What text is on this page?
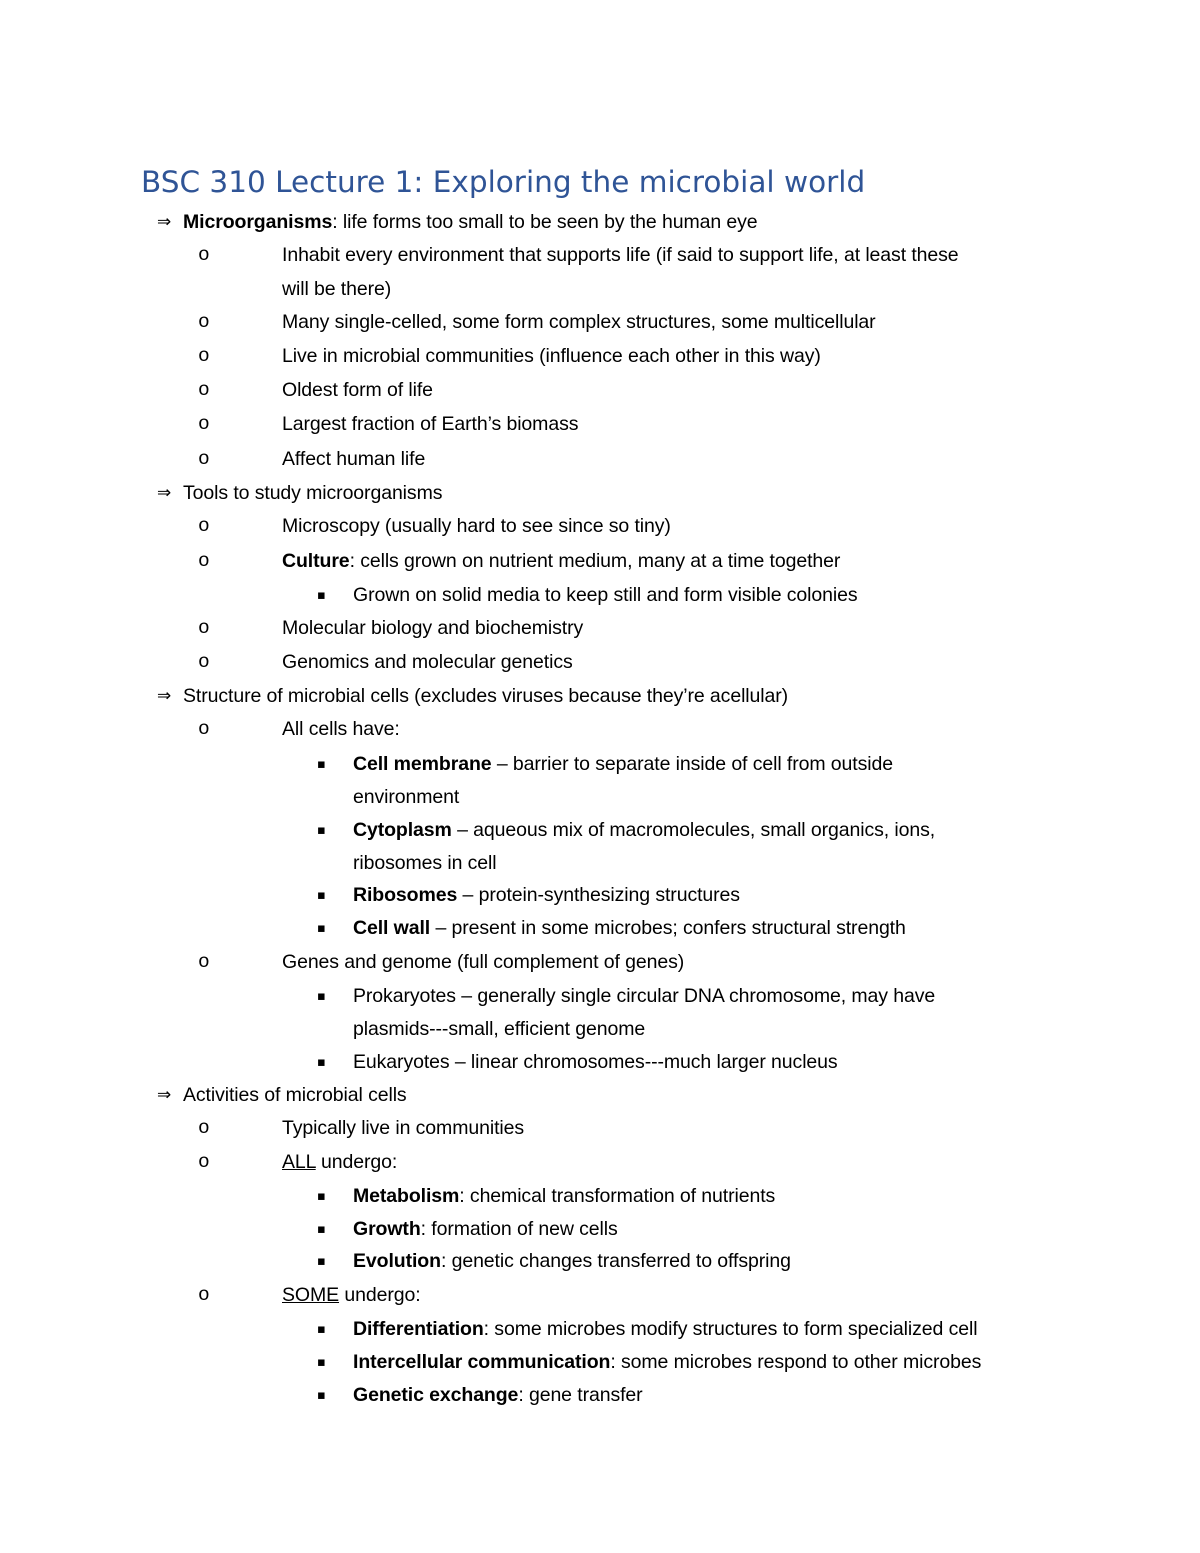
BSC 310 Lecture 1: Exploring the microbial world
⇒ Microorganisms: life forms too small to be seen by the human eye
o	Inhabit every environment that supports life (if said to support life, at least these
will be there)
o	Many single-celled, some form complex structures, some multicellular
o	Live in microbial communities (influence each other in this way)
o	Oldest form of life
o	Largest fraction of Earth’s biomass
o	Affect human life
⇒ Tools to study microorganisms
o	Microscopy (usually hard to see since so tiny)
o	Culture: cells grown on nutrient medium, many at a time together
▪ Grown on solid media to keep still and form visible colonies
o	Molecular biology and biochemistry
o	Genomics and molecular genetics
⇒ Structure of microbial cells (excludes viruses because they’re acellular)
o	All cells have:
▪ Cell membrane – barrier to separate inside of cell from outside
environment
▪ Cytoplasm – aqueous mix of macromolecules, small organics, ions,
ribosomes in cell
▪ Ribosomes – protein-synthesizing structures
▪ Cell wall – present in some microbes; confers structural strength
o	Genes and genome (full complement of genes)
▪ Prokaryotes – generally single circular DNA chromosome, may have
plasmids---small, efficient genome
▪ Eukaryotes – linear chromosomes---much larger nucleus
⇒ Activities of microbial cells
o	Typically live in communities
o	ALL undergo:
▪ Metabolism: chemical transformation of nutrients
▪ Growth: formation of new cells
▪ Evolution: genetic changes transferred to offspring
o	SOME undergo:
▪ Differentiation: some microbes modify structures to form specialized cell
▪ Intercellular communication: some microbes respond to other microbes
▪ Genetic exchange: gene transfer
